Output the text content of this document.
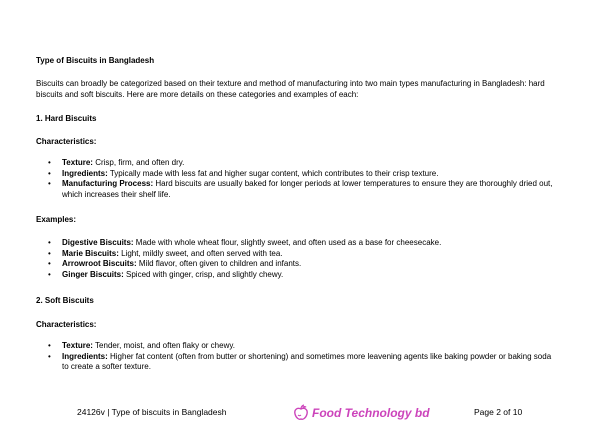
Type of Biscuits in Bangladesh
Biscuits can broadly be categorized based on their texture and method of manufacturing into two main types manufacturing in Bangladesh: hard biscuits and soft biscuits. Here are more details on these categories and examples of each:
1. Hard Biscuits
Characteristics:
• Texture: Crisp, firm, and often dry.
• Ingredients: Typically made with less fat and higher sugar content, which contributes to their crisp texture.
• Manufacturing Process: Hard biscuits are usually baked for longer periods at lower temperatures to ensure they are thoroughly dried out, which increases their shelf life.
Examples:
• Digestive Biscuits: Made with whole wheat flour, slightly sweet, and often used as a base for cheesecake.
• Marie Biscuits: Light, mildly sweet, and often served with tea.
• Arrowroot Biscuits: Mild flavor, often given to children and infants.
• Ginger Biscuits: Spiced with ginger, crisp, and slightly chewy.
2. Soft Biscuits
Characteristics:
• Texture: Tender, moist, and often flaky or chewy.
• Ingredients: Higher fat content (often from butter or shortening) and sometimes more leavening agents like baking powder or baking soda to create a softer texture.
24126v | Type of biscuits in Bangladesh	Food Technology bd	Page 2 of 10
